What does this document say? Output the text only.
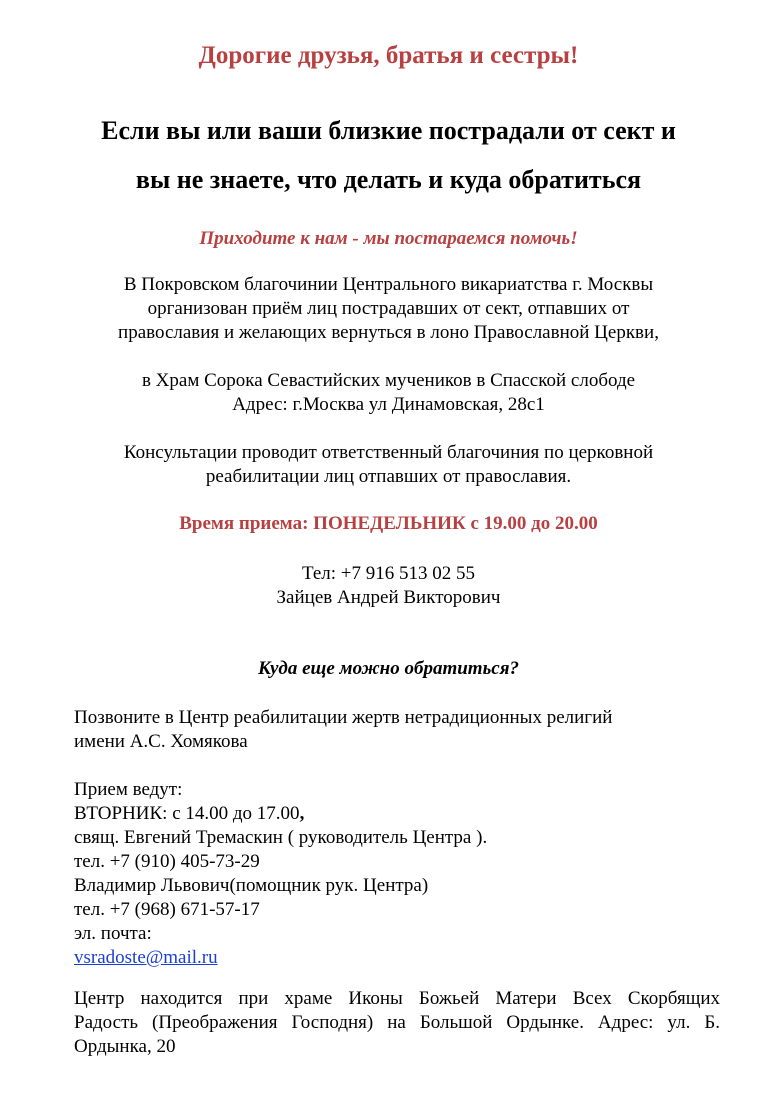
Дорогие друзья, братья и сестры!
Если вы или ваши близкие пострадали от сект и
вы не знаете, что делать и куда обратиться
Приходите к нам - мы постараемся помочь!
В Покровском благочинии Центрального викариатства г. Москвы
организован приём лиц пострадавших от сект, отпавших от
православия и желающих вернуться в лоно Православной Церкви,
в Храм Сорока Севастийских мучеников в Спасской слободе
Адрес: г.Москва ул Динамовская, 28с1
Консультации проводит ответственный благочиния по церковной
реабилитации лиц отпавших от православия.
Время приема: ПОНЕДЕЛЬНИК с 19.00 до 20.00
Тел: +7 916 513 02 55
Зайцев Андрей Викторович
Куда еще можно обратиться?
Позвоните в Центр реабилитации жертв нетрадиционных религий
имени А.С. Хомякова
Прием ведут:
ВТОРНИК: с 14.00 до 17.00,
свящ. Евгений Тремаскин ( руководитель Центра ).
тел. +7 (910) 405-73-29
Владимир Львович(помощник рук. Центра)
тел. +7 (968) 671-57-17
эл. почта:
vsradoste@mail.ru
Центр находится при храме Иконы Божьей Матери Всех Скорбящих
Радость (Преображения Господня) на Большой Ордынке. Адрес: ул. Б.
Ордынка, 20
